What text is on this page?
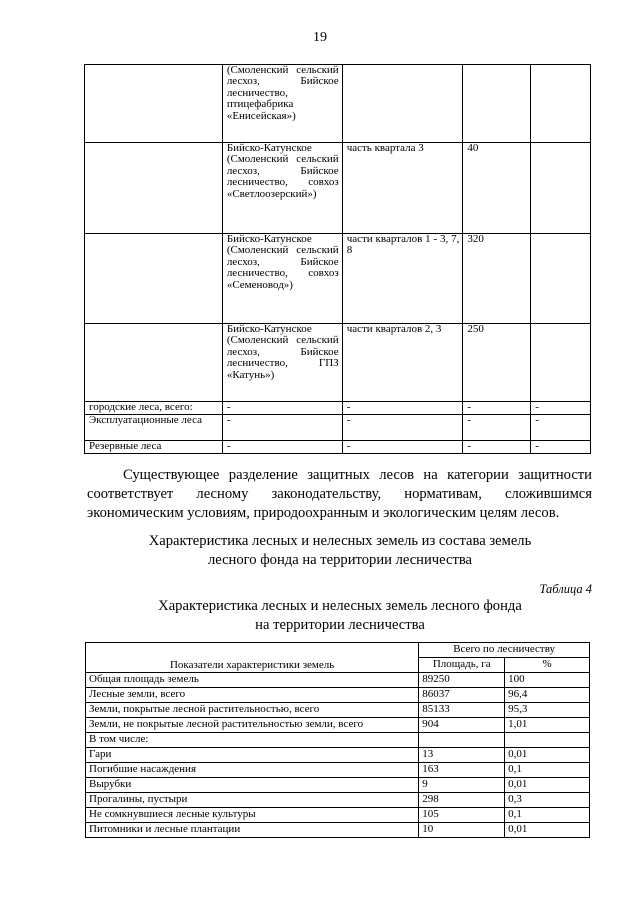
19
	(Смоленский сельский лесхоз, Бийское лесничество, птицефабрика «Енисейская»)			
	Бийско-Катунское (Смоленский сельский лесхоз, Бийское лесничество, совхоз «Светлоозерский»)	часть квартала 3	40	
	Бийско-Катунское (Смоленский сельский лесхоз, Бийское лесничество, совхоз «Семеновод»)	части кварталов 1 - 3, 7, 8	320	
	Бийско-Катунское (Смоленский сельский лесхоз, Бийское лесничество, ГПЗ «Катунь»)	части кварталов 2, 3	250	
городские леса, всего:	-	-	-	-
Эксплуатационные леса	-	-	-	-
Резервные леса	-	-	-	-
Существующее разделение защитных лесов на категории защитности соответствует лесному законодательству, нормативам, сложившимся экономическим условиям, природоохранным и экологическим целям лесов.
Характеристика лесных и нелесных земель из состава земель
лесного фонда на территории лесничества
Таблица 4
Характеристика лесных и нелесных земель лесного фонда
на территории лесничества
Показатели характеристики земель	Всего по лесничеству	
	Площадь, га	%
Общая площадь земель	89250	100
Лесные земли, всего	86037	96,4
Земли, покрытые лесной растительностью, всего	85133	95,3
Земли, не покрытые лесной растительностью земли, всего	904	1,01
В том числе:		
Гари	13	0,01
Погибшие насаждения	163	0,1
Вырубки	9	0,01
Прогалины, пустыри	298	0,3
Не сомкнувшиеся лесные культуры	105	0,1
Питомники и лесные плантации	10	0,01
